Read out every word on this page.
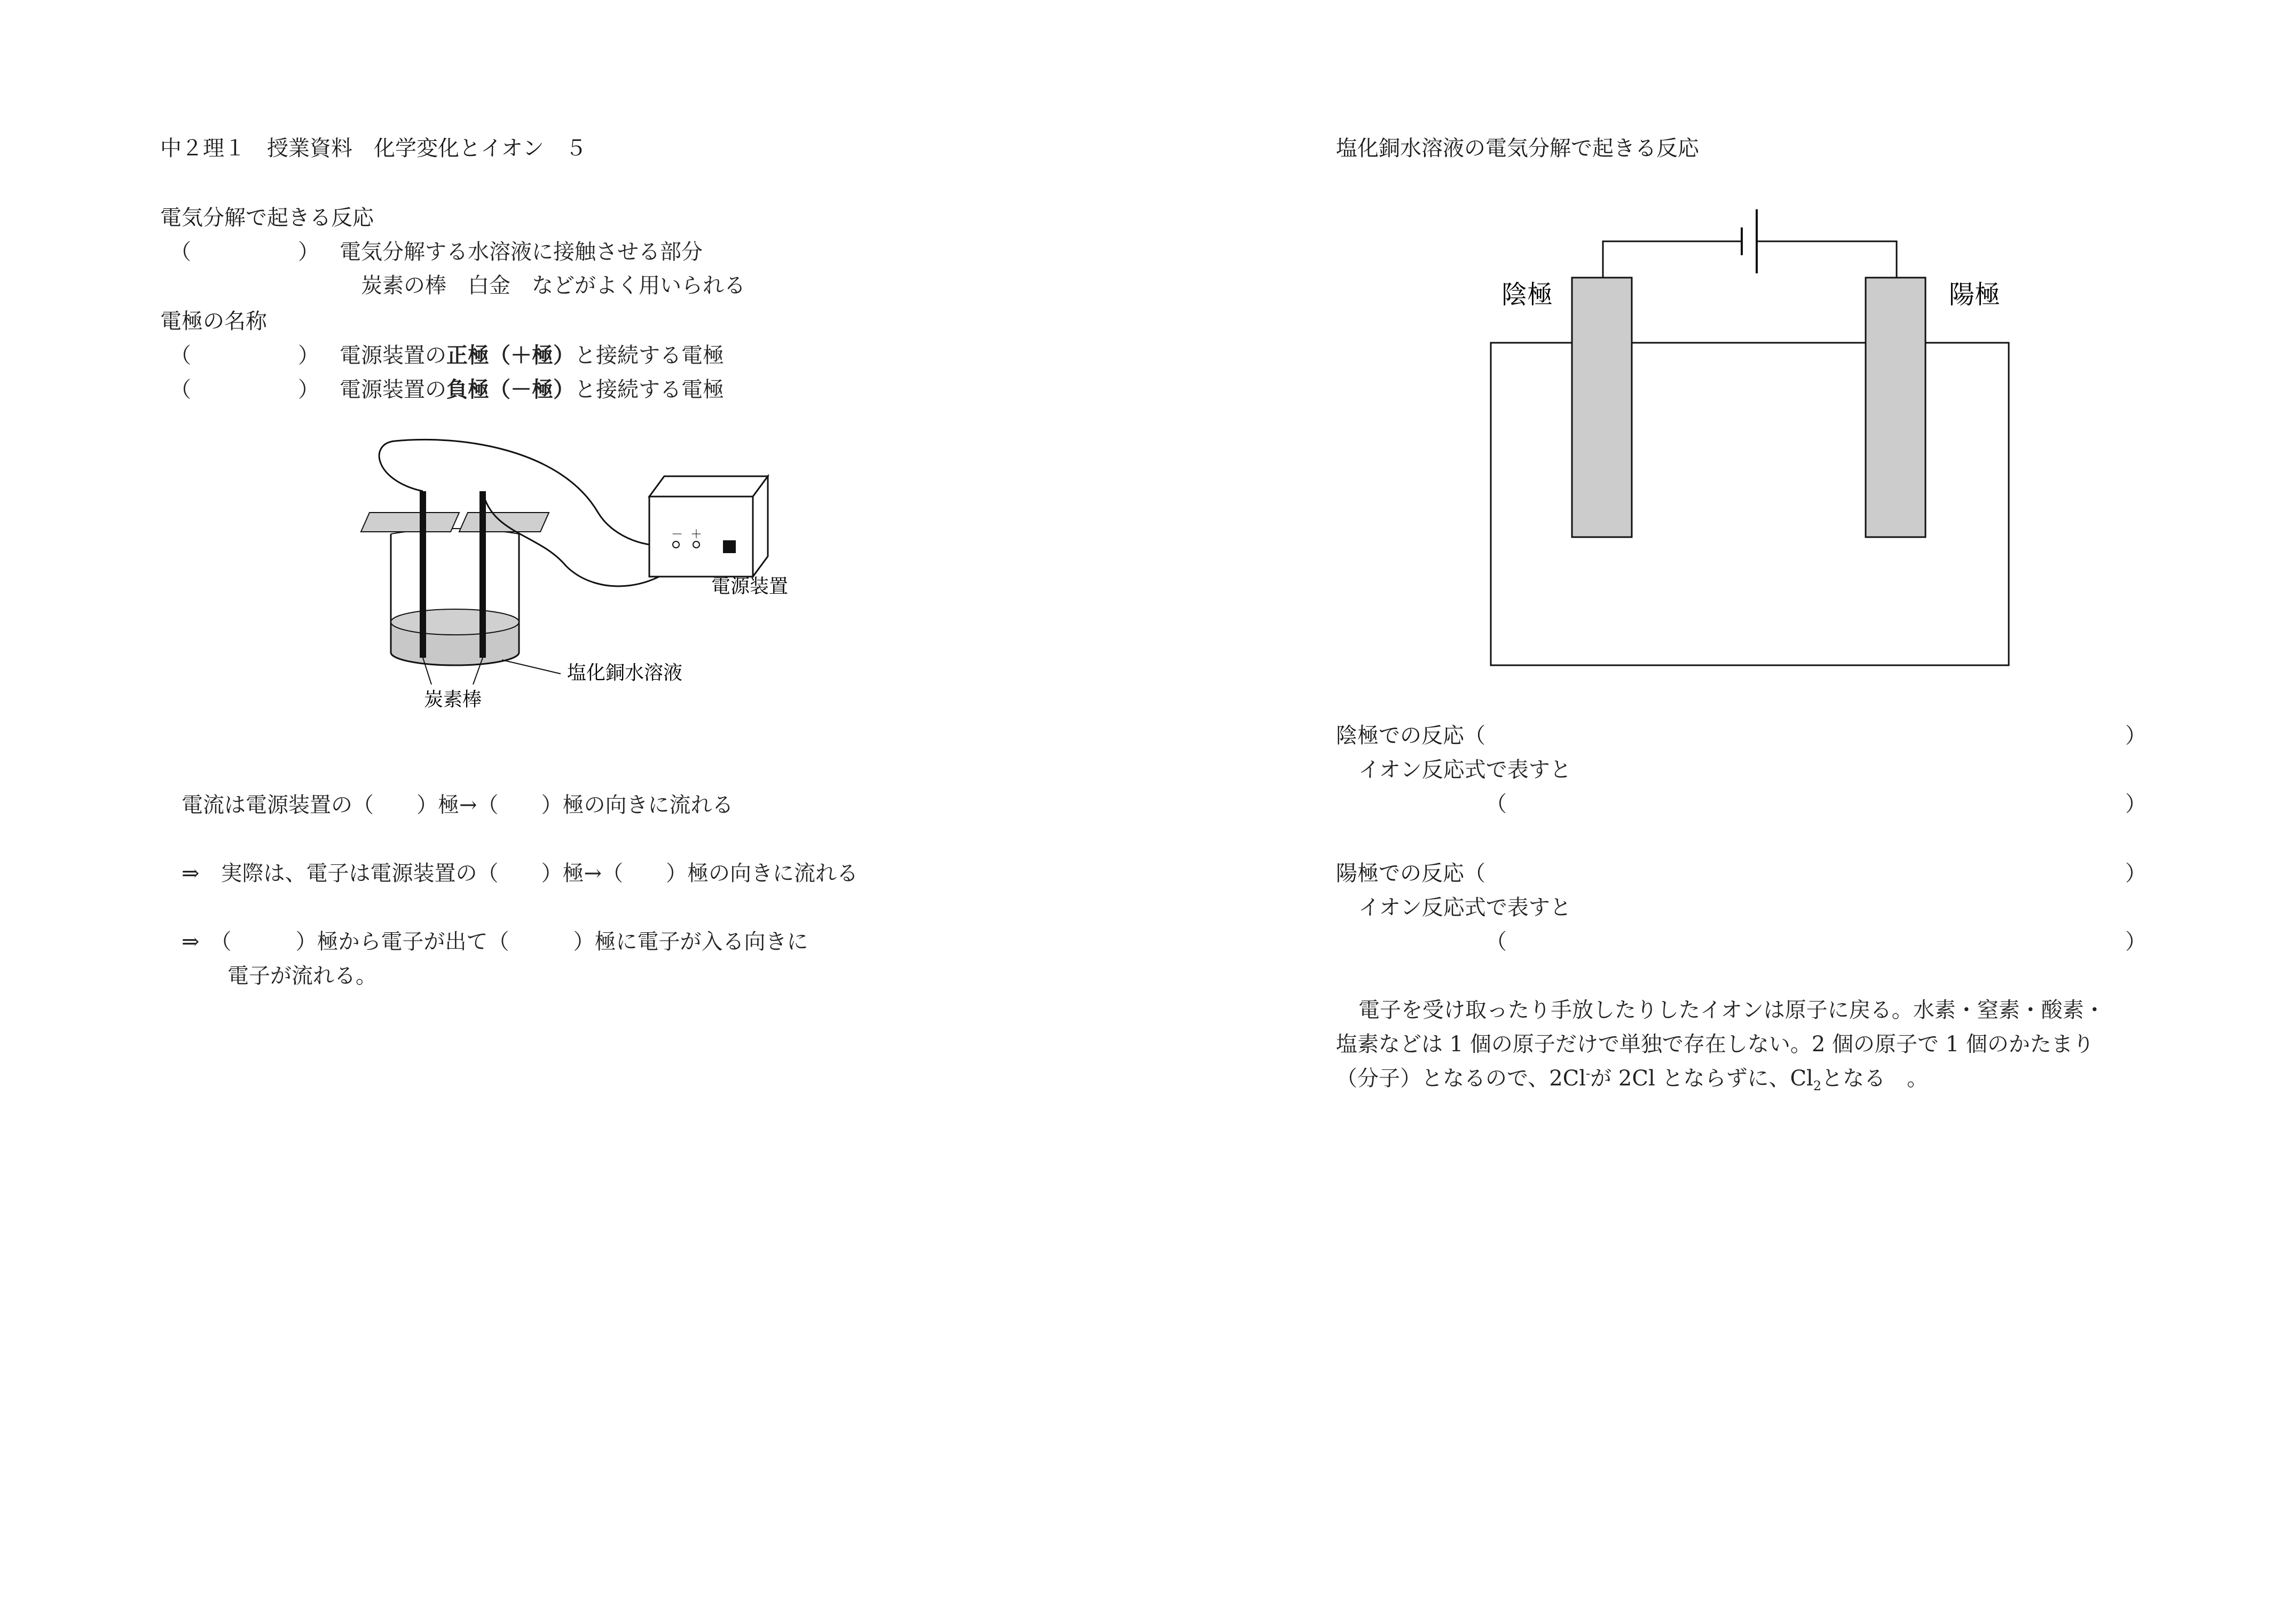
中２理１　授業資料　化学変化とイオン　５
電気分解で起きる反応
（　　　　　） 電気分解する水溶液に接触させる部分
炭素の棒　白金　などがよく用いられる
電極の名称
（　　　　　） 電源装置の正極（＋極）と接続する電極
（　　　　　） 電源装置の負極（－極）と接続する電極
－ ＋
電源装置
塩化銅水溶液
炭素棒
電流は電源装置の（　　）極→（　　）極の向きに流れる
⇒　実際は、電子は電源装置の（　　）極→（　　）極の向きに流れる
⇒　（　　　）極から電子が出て（　　　）極に電子が入る向きに
電子が流れる。
塩化銅水溶液の電気分解で起きる反応
陰極	陽極
陰極での反応（	）
イオン反応式で表すと
（	）
陽極での反応（	）
イオン反応式で表すと
（	）
電子を受け取ったり手放したりしたイオンは原子に戻る。水素・窒素・酸素・
塩素などは 1 個の原子だけで単独で存在しない。2 個の原子で 1 個のかたまり
（分子）となるので、2Cl-が 2Cl とならずに、$Cl_2$となる　。
